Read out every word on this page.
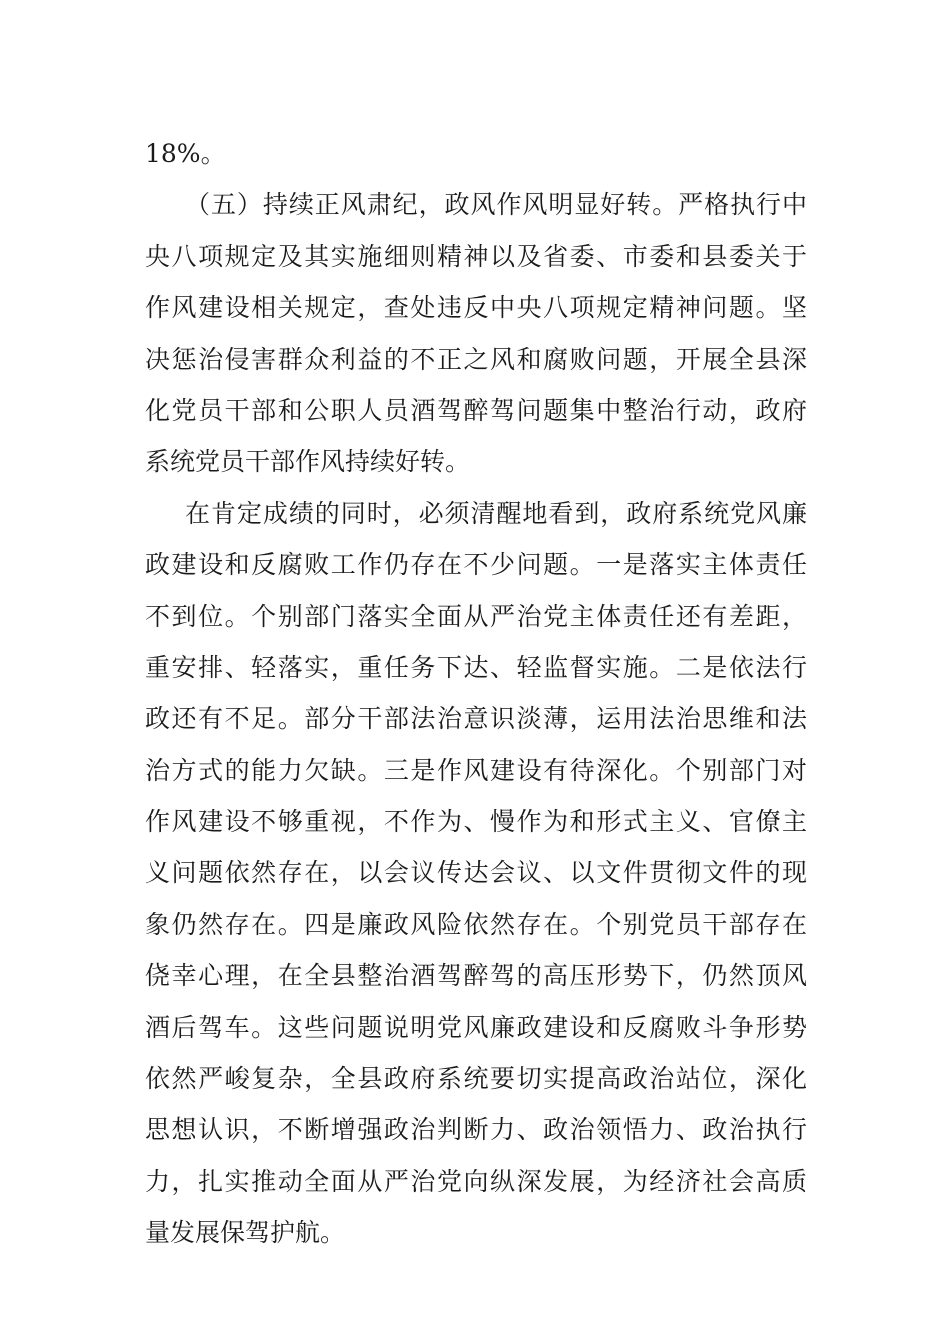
18%。
（五）持续正风肃纪，政风作风明显好转。严格执行中
央八项规定及其实施细则精神以及省委、市委和县委关于
作风建设相关规定，查处违反中央八项规定精神问题。坚
决惩治侵害群众利益的不正之风和腐败问题，开展全县深
化党员干部和公职人员酒驾醉驾问题集中整治行动，政府
系统党员干部作风持续好转。
在肯定成绩的同时，必须清醒地看到，政府系统党风廉
政建设和反腐败工作仍存在不少问题。一是落实主体责任
不到位。个别部门落实全面从严治党主体责任还有差距，
重安排、轻落实，重任务下达、轻监督实施。二是依法行
政还有不足。部分干部法治意识淡薄，运用法治思维和法
治方式的能力欠缺。三是作风建设有待深化。个别部门对
作风建设不够重视，不作为、慢作为和形式主义、官僚主
义问题依然存在，以会议传达会议、以文件贯彻文件的现
象仍然存在。四是廉政风险依然存在。个别党员干部存在
侥幸心理，在全县整治酒驾醉驾的高压形势下，仍然顶风
酒后驾车。这些问题说明党风廉政建设和反腐败斗争形势
依然严峻复杂，全县政府系统要切实提高政治站位，深化
思想认识，不断增强政治判断力、政治领悟力、政治执行
力，扎实推动全面从严治党向纵深发展，为经济社会高质
量发展保驾护航。
